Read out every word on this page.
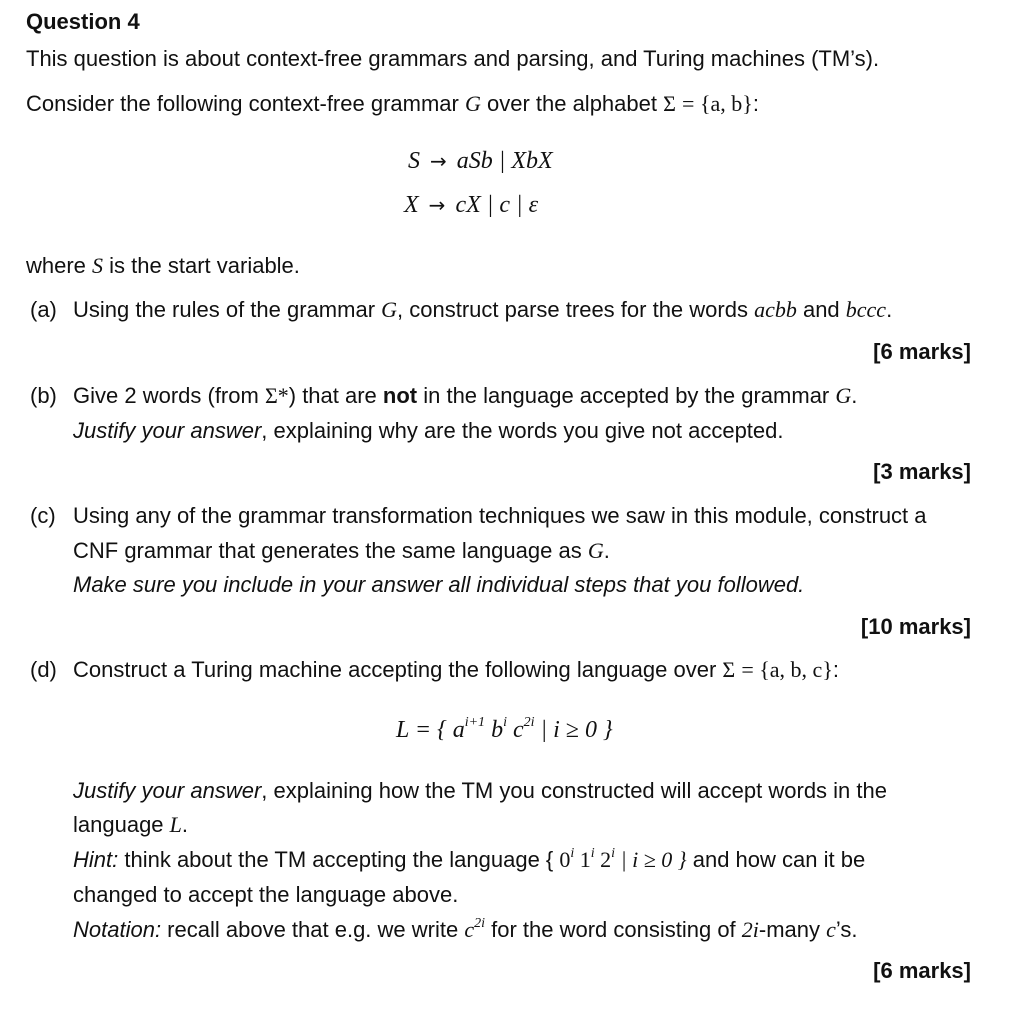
Question 4
This question is about context-free grammars and parsing, and Turing machines (TM’s).
Consider the following context-free grammar G over the alphabet Σ = {a, b}:
S → aSb | XbX
X → cX | c | ε
where S is the start variable.
(a) Using the rules of the grammar G, construct parse trees for the words acbb and bccc.
[6 marks]
(b) Give 2 words (from Σ*) that are not in the language accepted by the grammar G.
Justify your answer, explaining why are the words you give not accepted.
[3 marks]
(c) Using any of the grammar transformation techniques we saw in this module, construct a
CNF grammar that generates the same language as G.
Make sure you include in your answer all individual steps that you followed.
[10 marks]
(d) Construct a Turing machine accepting the following language over Σ = {a, b, c}:
L = { $a^{i+1}$ $b^i$ $c^{2i}$ | i ≥ 0 }
Justify your answer, explaining how the TM you constructed will accept words in the
language L.
Hint: think about the TM accepting the language { 0$^i$ 1$^i$ 2$^i$ | i ≥ 0 } and how can it be
changed to accept the language above.
Notation: recall above that e.g. we write $c^{2i}$ for the word consisting of 2i-many c’s.
[6 marks]
